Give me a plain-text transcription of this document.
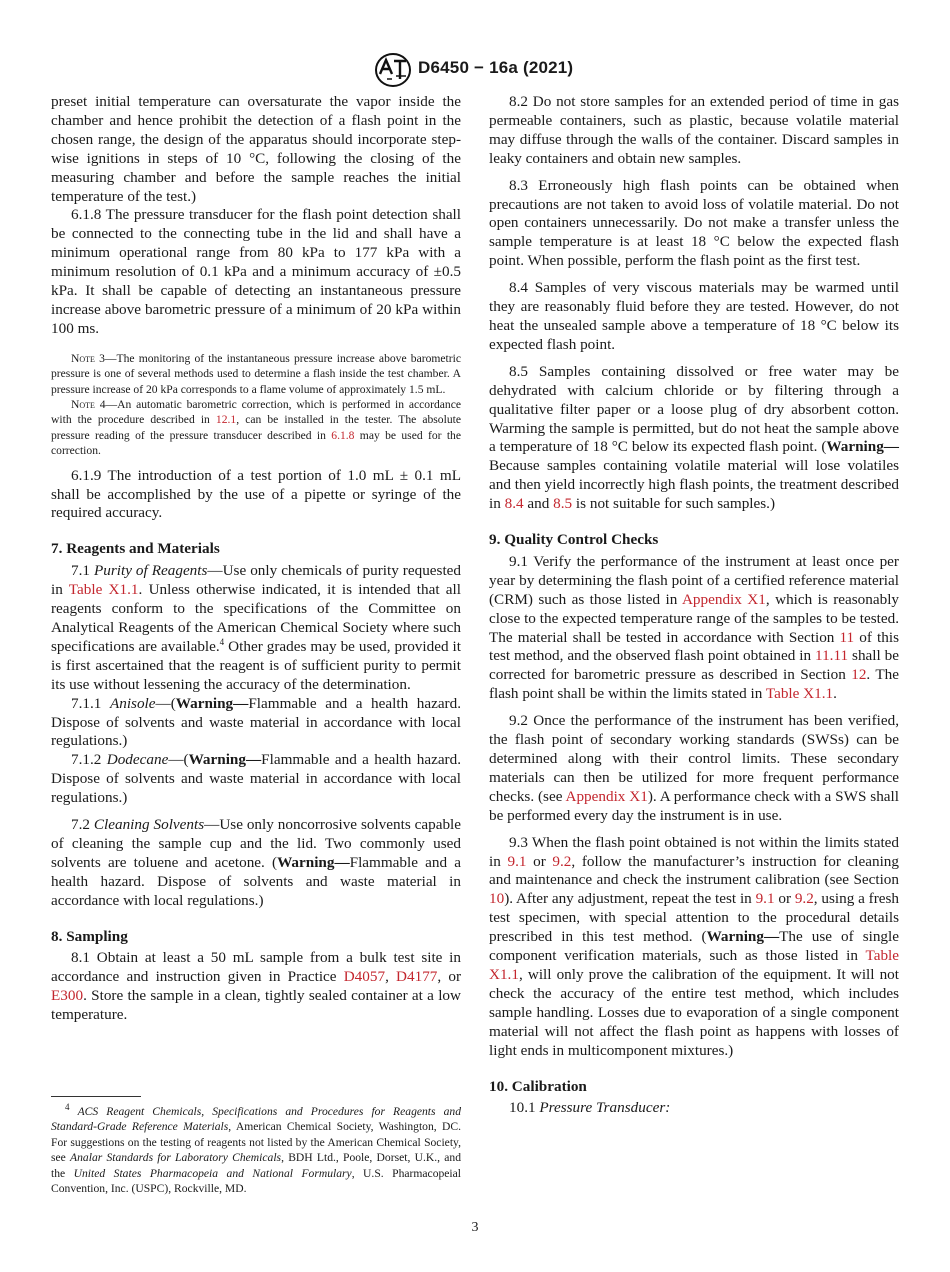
D6450 − 16a (2021)

preset initial temperature can oversaturate the vapor inside the chamber and hence prohibit the detection of a flash point in the chosen range, the design of the apparatus should incorporate step-wise ignitions in steps of 10 °C, following the closing of the measuring chamber and before the sample reaches the initial temperature of the test.)

6.1.8 The pressure transducer for the flash point detection shall be connected to the connecting tube in the lid and shall have a minimum operational range from 80 kPa to 177 kPa with a minimum resolution of 0.1 kPa and a minimum accuracy of ±0.5 kPa. It shall be capable of detecting an instantaneous pressure increase above barometric pressure of a minimum of 20 kPa within 100 ms.

Note 3—The monitoring of the instantaneous pressure increase above barometric pressure is one of several methods used to determine a flash inside the test chamber. A pressure increase of 20 kPa corresponds to a flame volume of approximately 1.5 mL.

Note 4—An automatic barometric correction, which is performed in accordance with the procedure described in 12.1, can be installed in the tester. The absolute pressure reading of the pressure transducer described in 6.1.8 may be used for the correction.

6.1.9 The introduction of a test portion of 1.0 mL ± 0.1 mL shall be accomplished by the use of a pipette or syringe of the required accuracy.

7. Reagents and Materials

7.1 Purity of Reagents—Use only chemicals of purity requested in Table X1.1. Unless otherwise indicated, it is intended that all reagents conform to the specifications of the Committee on Analytical Reagents of the American Chemical Society where such specifications are available.$^4$ Other grades may be used, provided it is first ascertained that the reagent is of sufficient purity to permit its use without lessening the accuracy of the determination.

7.1.1 Anisole—(Warning—Flammable and a health hazard. Dispose of solvents and waste material in accordance with local regulations.)

7.1.2 Dodecane—(Warning—Flammable and a health hazard. Dispose of solvents and waste material in accordance with local regulations.)

7.2 Cleaning Solvents—Use only noncorrosive solvents capable of cleaning the sample cup and the lid. Two commonly used solvents are toluene and acetone. (Warning—Flammable and a health hazard. Dispose of solvents and waste material in accordance with local regulations.)

8. Sampling

8.1 Obtain at least a 50 mL sample from a bulk test site in accordance and instruction given in Practice D4057, D4177, or E300. Store the sample in a clean, tightly sealed container at a low temperature.

$^4$ ACS Reagent Chemicals, Specifications and Procedures for Reagents and Standard-Grade Reference Materials, American Chemical Society, Washington, DC. For suggestions on the testing of reagents not listed by the American Chemical Society, see Analar Standards for Laboratory Chemicals, BDH Ltd., Poole, Dorset, U.K., and the United States Pharmacopeia and National Formulary, U.S. Pharmacopeial Convention, Inc. (USPC), Rockville, MD.

8.2 Do not store samples for an extended period of time in gas permeable containers, such as plastic, because volatile material may diffuse through the walls of the container. Discard samples in leaky containers and obtain new samples.

8.3 Erroneously high flash points can be obtained when precautions are not taken to avoid loss of volatile material. Do not open containers unnecessarily. Do not make a transfer unless the sample temperature is at least 18 °C below the expected flash point. When possible, perform the flash point as the first test.

8.4 Samples of very viscous materials may be warmed until they are reasonably fluid before they are tested. However, do not heat the unsealed sample above a temperature of 18 °C below its expected flash point.

8.5 Samples containing dissolved or free water may be dehydrated with calcium chloride or by filtering through a qualitative filter paper or a loose plug of dry absorbent cotton. Warming the sample is permitted, but do not heat the sample above a temperature of 18 °C below its expected flash point. (Warning—Because samples containing volatile material will lose volatiles and then yield incorrectly high flash points, the treatment described in 8.4 and 8.5 is not suitable for such samples.)

9. Quality Control Checks

9.1 Verify the performance of the instrument at least once per year by determining the flash point of a certified reference material (CRM) such as those listed in Appendix X1, which is reasonably close to the expected temperature range of the samples to be tested. The material shall be tested in accordance with Section 11 of this test method, and the observed flash point obtained in 11.11 shall be corrected for barometric pressure as described in Section 12. The flash point shall be within the limits stated in Table X1.1.

9.2 Once the performance of the instrument has been verified, the flash point of secondary working standards (SWSs) can be determined along with their control limits. These secondary materials can then be utilized for more frequent performance checks. (see Appendix X1). A performance check with a SWS shall be performed every day the instrument is in use.

9.3 When the flash point obtained is not within the limits stated in 9.1 or 9.2, follow the manufacturer’s instruction for cleaning and maintenance and check the instrument calibration (see Section 10). After any adjustment, repeat the test in 9.1 or 9.2, using a fresh test specimen, with special attention to the procedural details prescribed in this test method. (Warning—The use of single component verification materials, such as those listed in Table X1.1, will only prove the calibration of the equipment. It will not check the accuracy of the entire test method, which includes sample handling. Losses due to evaporation of a single component material will not affect the flash point as happens with losses of light ends in multicomponent mixtures.)

10. Calibration

10.1 Pressure Transducer:

3
